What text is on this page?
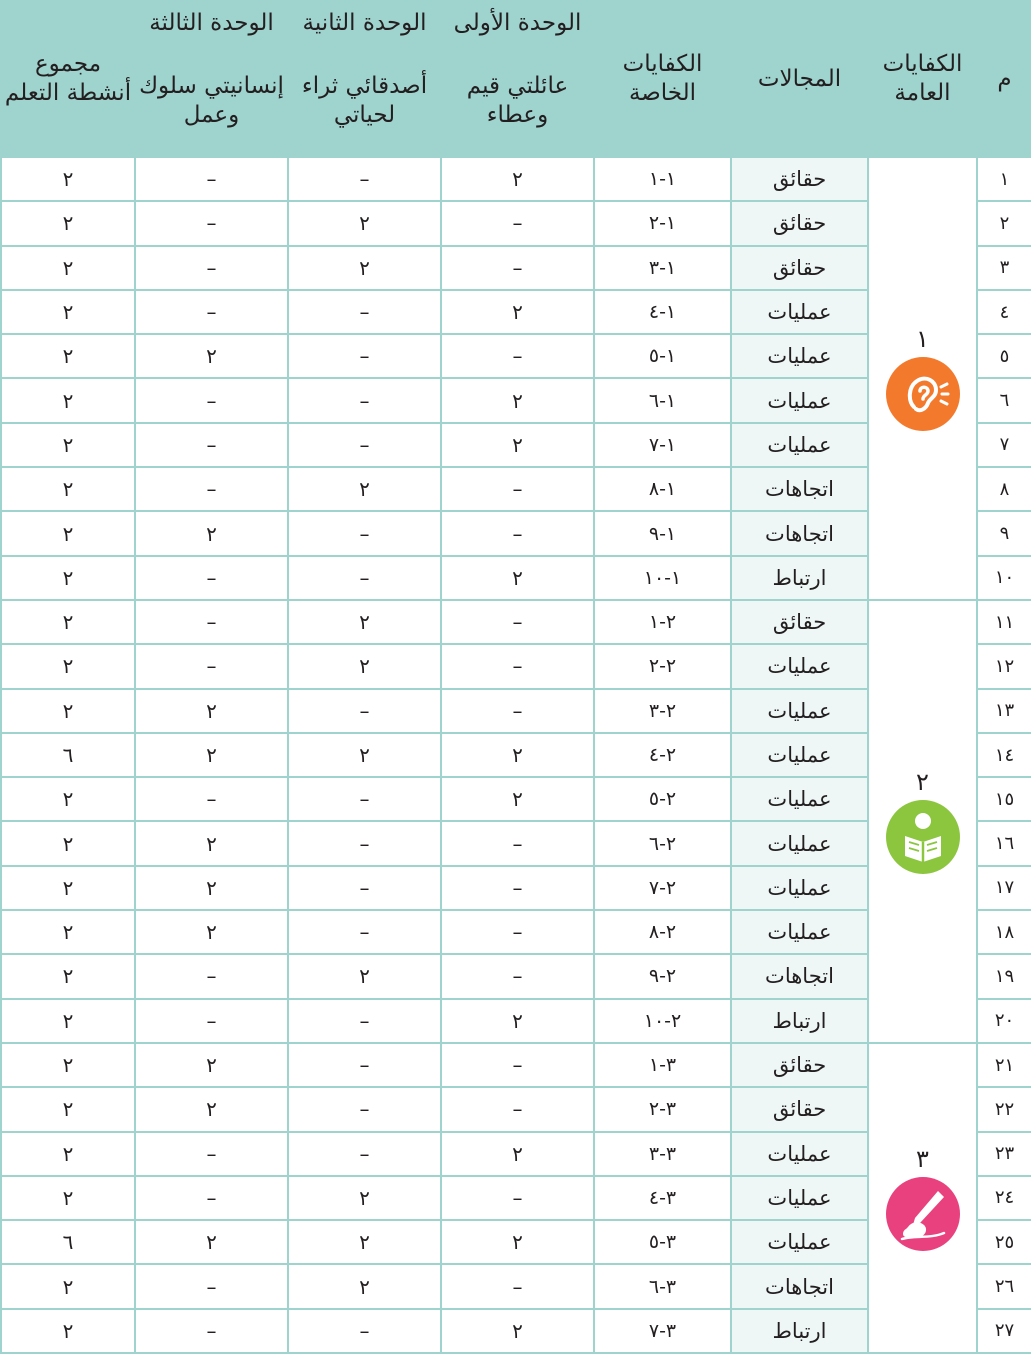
م	الكفايات العامة	المجالات	الكفايات الخاصة	الوحدة الأولى	الوحدة الثانية	الوحدة الثالثة	مجموع أنشطة التعلم
				عائلتي قيم وعطاء	أصدقائي ثراء لحياتي	إنسانيتي سلوك وعمل	
١	١	حقائق	١-١	٢	–	–	٢
٢		حقائق	١-٢	–	٢	–	٢
٣		حقائق	١-٣	–	٢	–	٢
٤		عمليات	١-٤	٢	–	–	٢
٥		عمليات	١-٥	–	–	٢	٢
٦		عمليات	١-٦	٢	–	–	٢
٧		عمليات	١-٧	٢	–	–	٢
٨		اتجاهات	١-٨	–	٢	–	٢
٩		اتجاهات	١-٩	–	–	٢	٢
١٠		ارتباط	١-١٠	٢	–	–	٢
١١	٢	حقائق	٢-١	–	٢	–	٢
١٢		عمليات	٢-٢	–	٢	–	٢
١٣		عمليات	٢-٣	–	–	٢	٢
١٤		عمليات	٢-٤	٢	٢	٢	٦
١٥		عمليات	٢-٥	٢	–	–	٢
١٦		عمليات	٢-٦	–	–	٢	٢
١٧		عمليات	٢-٧	–	–	٢	٢
١٨		عمليات	٢-٨	–	–	٢	٢
١٩		اتجاهات	٢-٩	–	٢	–	٢
٢٠		ارتباط	٢-١٠	٢	–	–	٢
٢١	٣	حقائق	٣-١	–	–	٢	٢
٢٢		حقائق	٣-٢	–	–	٢	٢
٢٣		عمليات	٣-٣	٢	–	–	٢
٢٤		عمليات	٣-٤	–	٢	–	٢
٢٥		عمليات	٣-٥	٢	٢	٢	٦
٢٦		اتجاهات	٣-٦	–	٢	–	٢
٢٧		ارتباط	٣-٧	٢	–	–	٢
